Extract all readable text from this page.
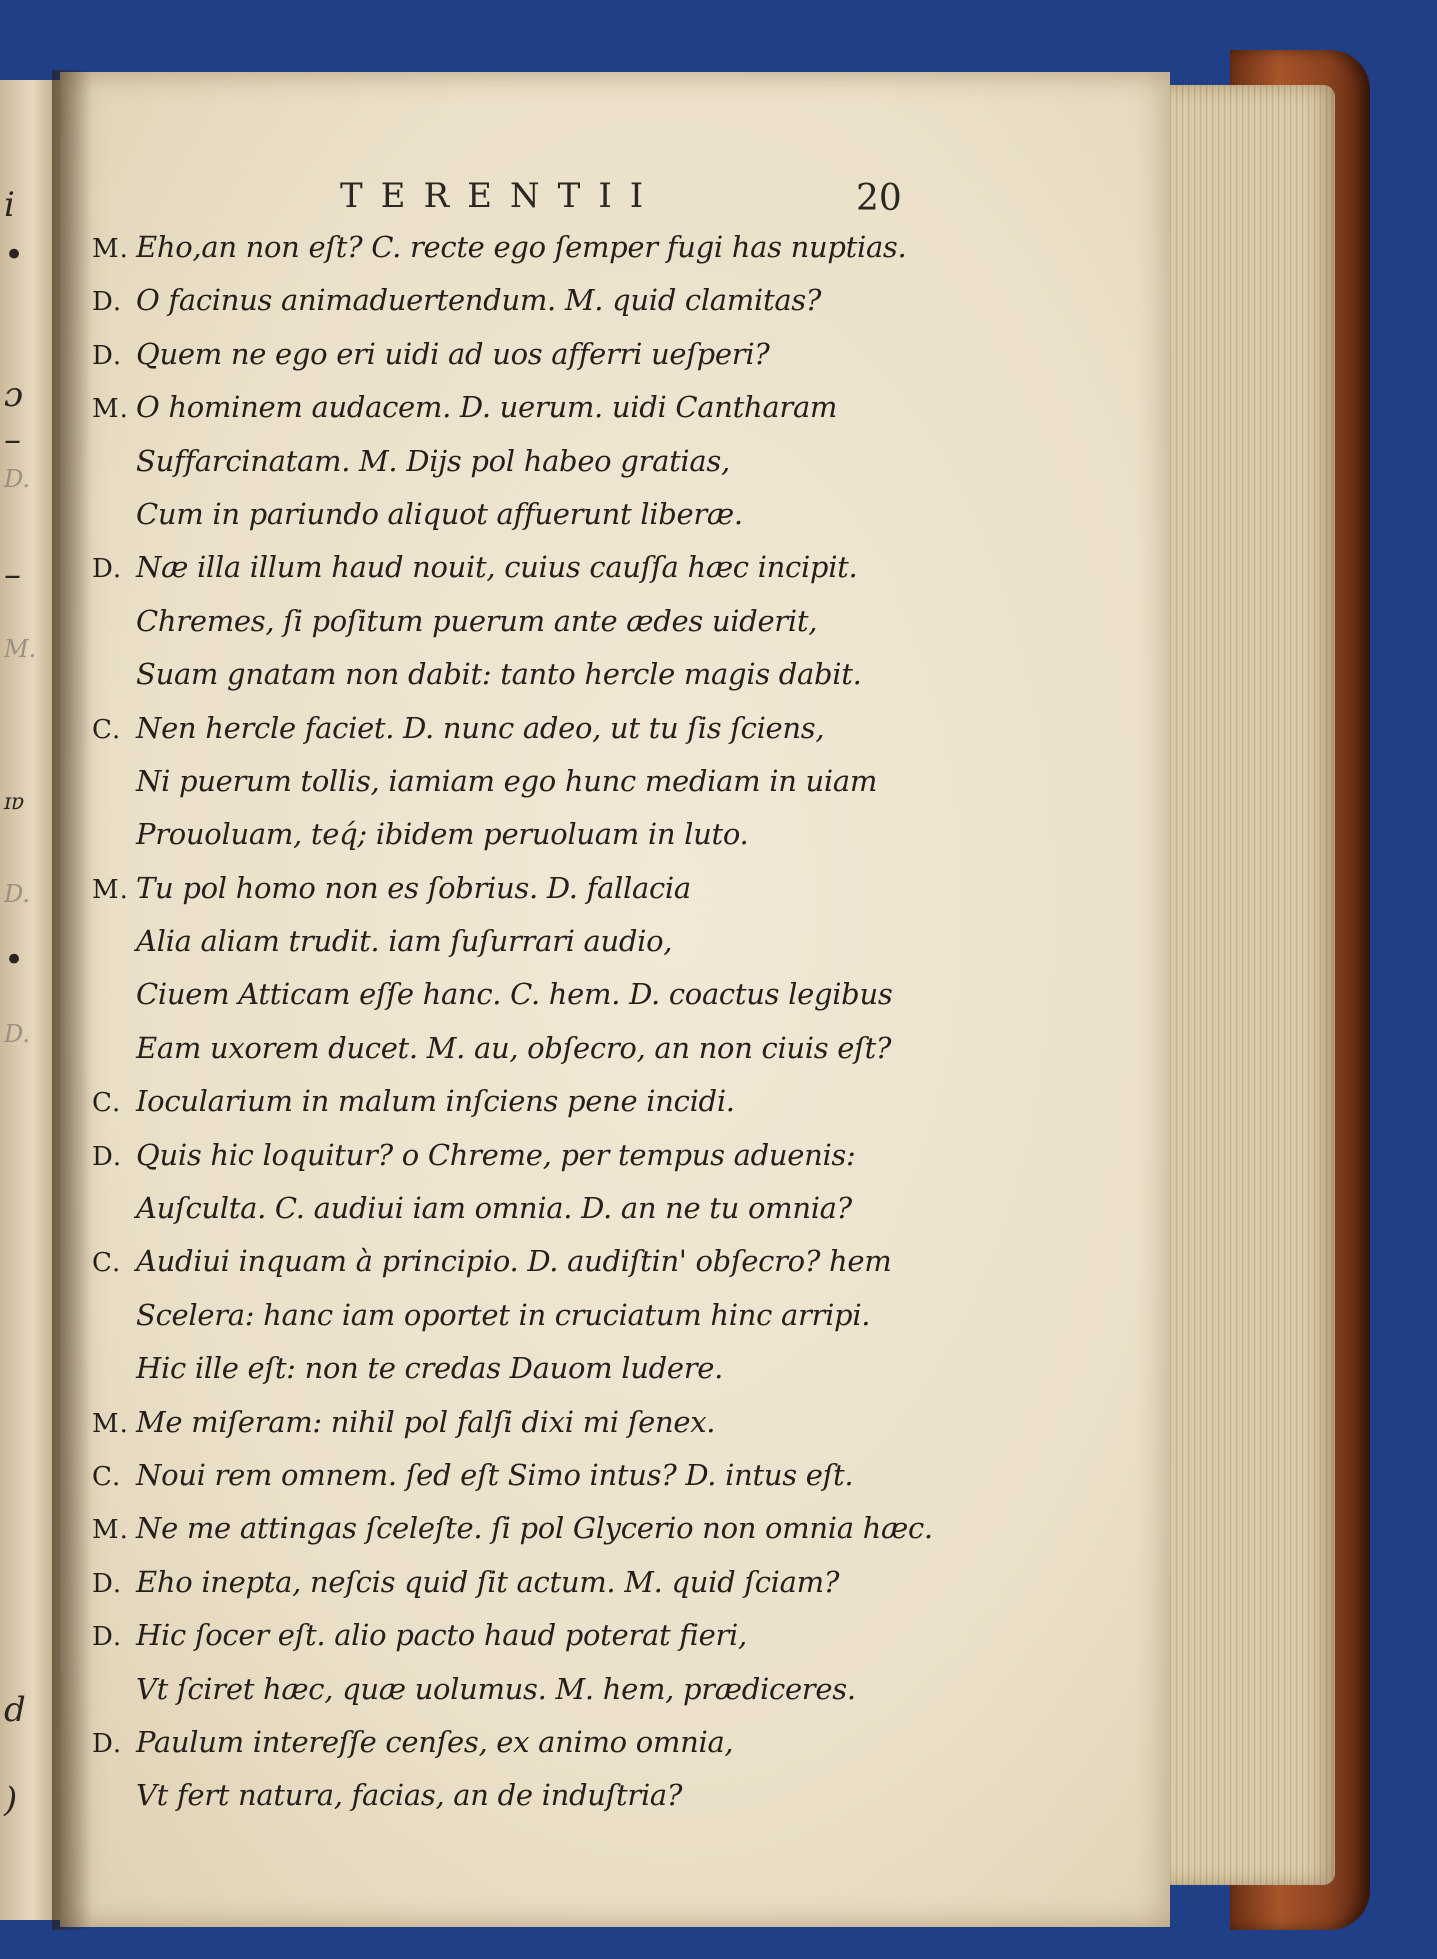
i
•
ɔ
–
D.
–
M.
ɪɐ
D.
•
D.
d
)
TERENTII	20
M. Eho,an non eſt? C. recte ego ſemper fugi has nuptias.
D. O facinus animaduertendum. M. quid clamitas?
D. Quem ne ego eri uidi ad uos afferri ueſperi?
M. O hominem audacem. D. uerum. uidi Cantharam
Suffarcinatam. M. Dijs pol habeo gratias,
Cum in pariundo aliquot affuerunt liberæ.
D. Næ illa illum haud nouit, cuius cauſſa hæc incipit.
Chremes, ſi poſitum puerum ante ædes uiderit,
Suam gnatam non dabit: tanto hercle magis dabit.
C. Nen hercle faciet. D. nunc adeo, ut tu ſis ſciens,
Ni puerum tollis, iamiam ego hunc mediam in uiam
Prouoluam, teq́; ibidem peruoluam in luto.
M. Tu pol homo non es ſobrius. D. fallacia
Alia aliam trudit. iam ſuſurrari audio,
Ciuem Atticam eſſe hanc. C. hem. D. coactus legibus
Eam uxorem ducet. M. au, obſecro, an non ciuis eſt?
C. Iocularium in malum inſciens pene incidi.
D. Quis hic loquitur? o Chreme, per tempus aduenis:
Auſculta. C. audiui iam omnia. D. an ne tu omnia?
C. Audiui inquam à principio. D. audiſtin' obſecro? hem
Scelera: hanc iam oportet in cruciatum hinc arripi.
Hic ille eſt: non te credas Dauom ludere.
M. Me miſeram: nihil pol falſi dixi mi ſenex.
C. Noui rem omnem. ſed eſt Simo intus? D. intus eſt.
M. Ne me attingas ſceleſte. ſi pol Glycerio non omnia hæc.
D. Eho inepta, neſcis quid ſit actum. M. quid ſciam?
D. Hic ſocer eſt. alio pacto haud poterat fieri,
Vt ſciret hæc, quæ uolumus. M. hem, prædiceres.
D. Paulum intereſſe cenſes, ex animo omnia,
Vt fert natura, facias, an de induſtria?
